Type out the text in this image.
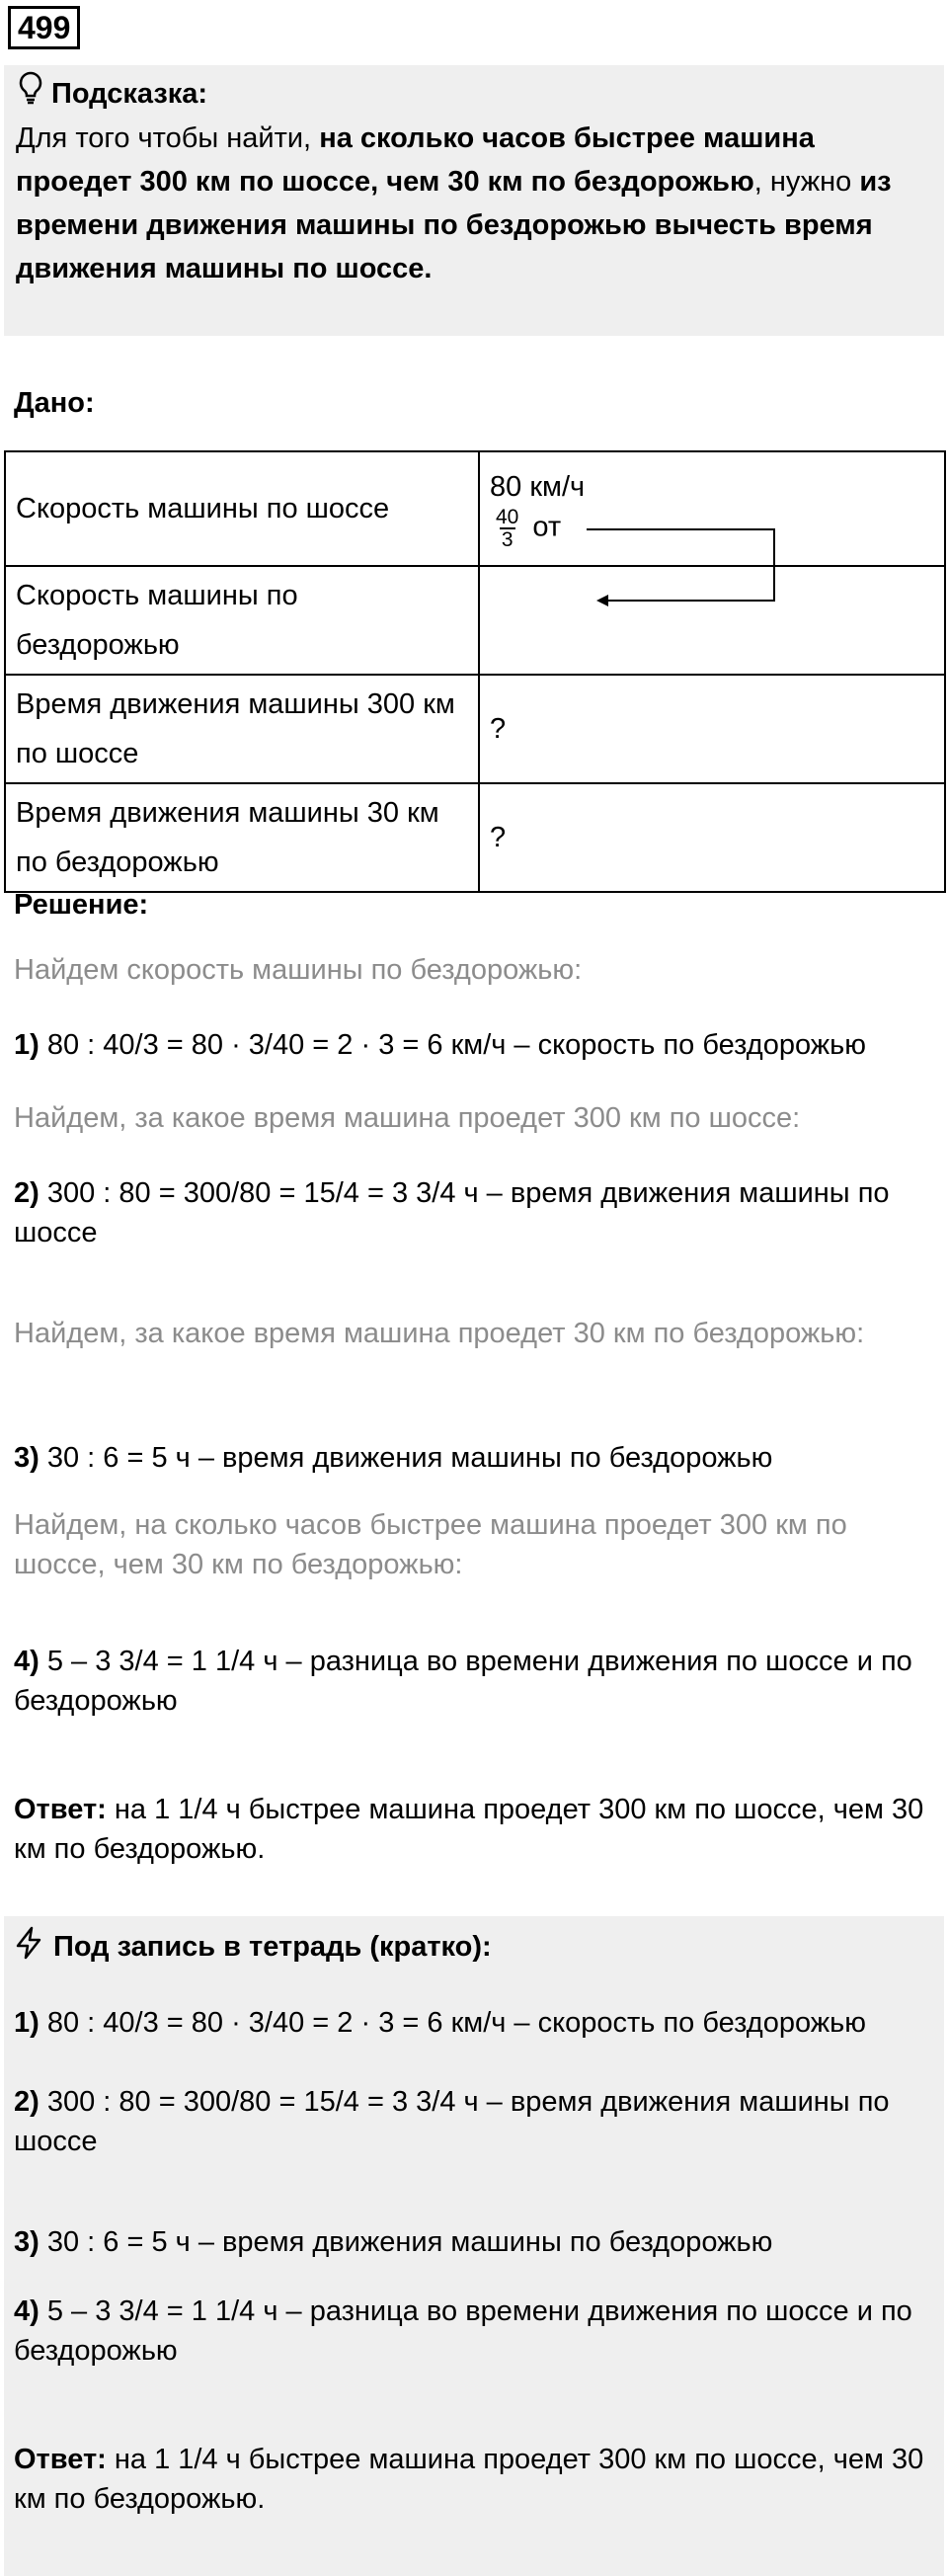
499
Подсказка:
Для того чтобы найти, на сколько часов быстрее машина проедет 300 км по шоссе, чем 30 км по бездорожью, нужно из времени движения машины по бездорожью вычесть время движения машины по шоссе.
Дано:
Скорость машины по шоссе	80 км/ч
$\frac{40}{3}$ от

Скорость машины по бездорожью	
Время движения машины 300 км по шоссе	?
Время движения машины 30 км по бездорожью	?
Решение:
Найдем скорость машины по бездорожью:
1) 80 : 40/3 = 80 · 3/40 = 2 · 3 = 6 км/ч – скорость по бездорожью
Найдем, за какое время машина проедет 300 км по шоссе:
2) 300 : 80 = 300/80 = 15/4 = 3 3/4 ч – время движения машины по шоссе
Найдем, за какое время машина проедет 30 км по бездорожью:
3) 30 : 6 = 5 ч – время движения машины по бездорожью
Найдем, на сколько часов быстрее машина проедет 300 км по шоссе, чем 30 км по бездорожью:
4) 5 – 3 3/4 = 1 1/4 ч – разница во времени движения по шоссе и по бездорожью
Ответ: на 1 1/4 ч быстрее машина проедет 300 км по шоссе, чем 30 км по бездорожью.
Под запись в тетрадь (кратко):
1) 80 : 40/3 = 80 · 3/40 = 2 · 3 = 6 км/ч – скорость по бездорожью
2) 300 : 80 = 300/80 = 15/4 = 3 3/4 ч – время движения машины по шоссе
3) 30 : 6 = 5 ч – время движения машины по бездорожью
4) 5 – 3 3/4 = 1 1/4 ч – разница во времени движения по шоссе и по бездорожью
Ответ: на 1 1/4 ч быстрее машина проедет 300 км по шоссе, чем 30 км по бездорожью.
